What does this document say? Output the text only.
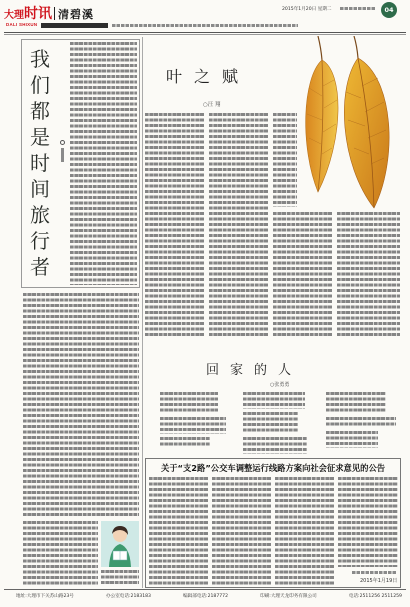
大理时讯
DALI SHIXUN
清碧溪	2015年1月20日 星期二	04
我
们
都
是
时
间
旅
行
者
叶之赋
○汪 翔
回家的人
○张勇勇
关于“支2路”公交车调整运行线路方案向社会征求意见的公告
2015年1月19日
地址:大理市下关苏山路23号	办公室电话:2183183	编辑部电话:2187772	印刷:大理天龙印务有限公司	电话:2511256 2511259
